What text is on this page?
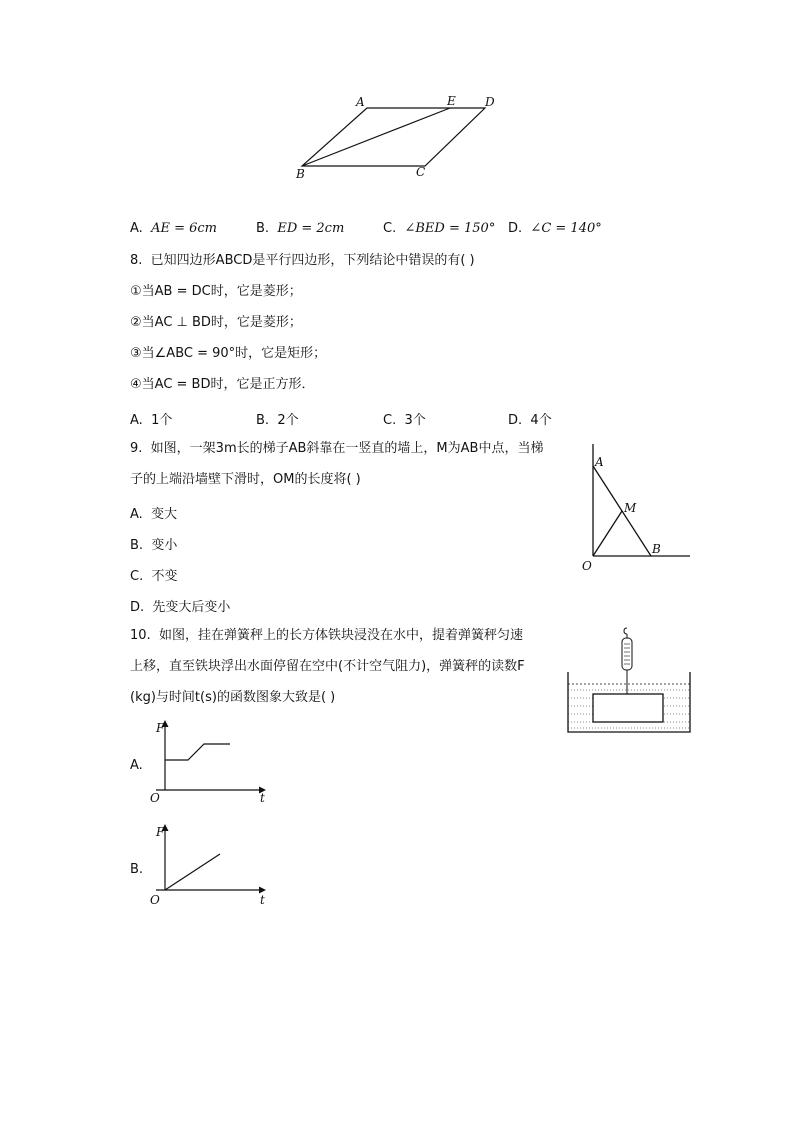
A	E D
B	C
A. AE = 6cm	B. ED = 2cm	C. ∠BED = 150° D. ∠C = 140°
8. 已知四边形ABCD是平行四边形，下列结论中错误的有( )
①当AB = DC时，它是菱形；
②当AC ⊥ BD时，它是菱形；
③当∠ABC = 90°时，它是矩形；
④当AC = BD时，它是正方形．
A. 1个	B. 2个	C. 3个	D. 4个
9. 如图，一架3m长的梯子AB斜靠在一竖直的墙上，M为AB中点，当梯
子的上端沿墙壁下滑时，OM的长度将( )
A. 变大
B. 变小
C. 不变
D. 先变大后变小
A
M
O
B
10. 如图，挂在弹簧秤上的长方体铁块浸没在水中，提着弹簧秤匀速
上移，直至铁块浮出水面停留在空中(不计空气阻力)，弹簧秤的读数F
(kg)与时间t(s)的函数图象大致是( )
A.
F
t
O
B.
F
t
O
